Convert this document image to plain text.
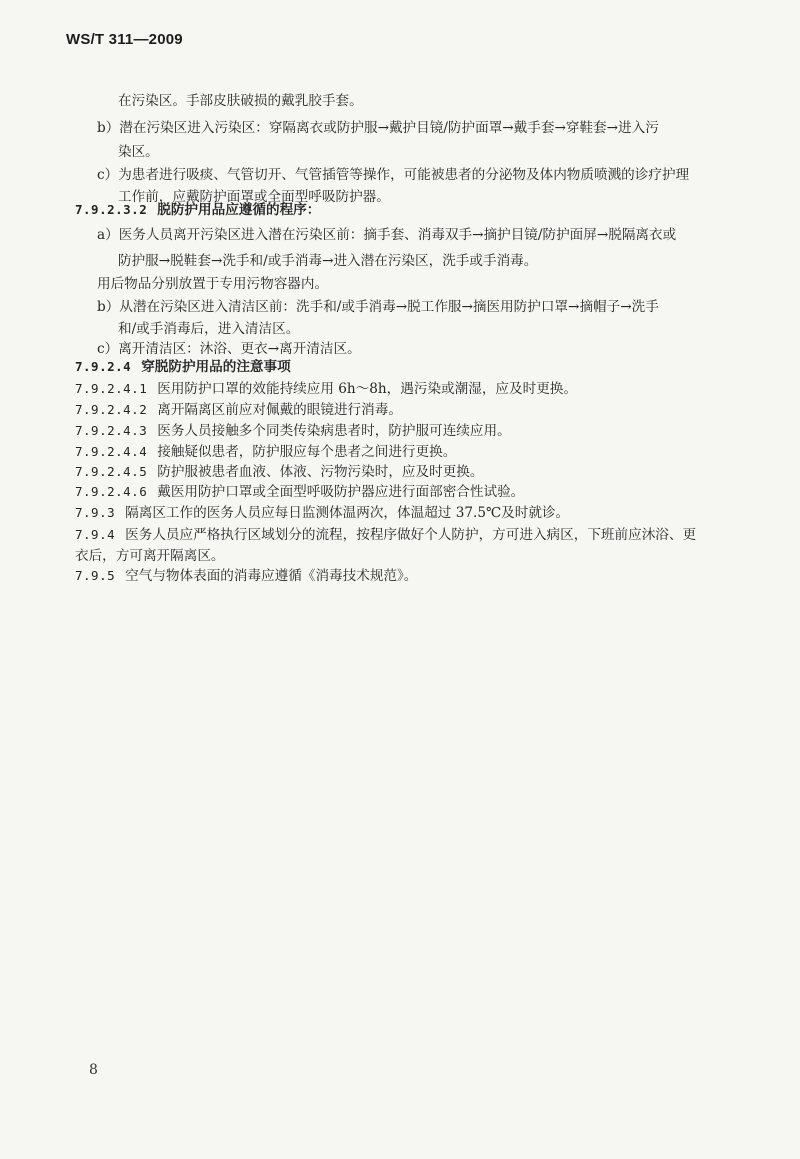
WS/T 311—2009
在污染区。手部皮肤破损的戴乳胶手套。
b）潜在污染区进入污染区：穿隔离衣或防护服→戴护目镜/防护面罩→戴手套→穿鞋套→进入污
染区。
c）为患者进行吸痰、气管切开、气管插管等操作，可能被患者的分泌物及体内物质喷溅的诊疗护理
工作前，应戴防护面罩或全面型呼吸防护器。
7.9.2.3.2 脱防护用品应遵循的程序：
a）医务人员离开污染区进入潜在污染区前：摘手套、消毒双手→摘护目镜/防护面屏→脱隔离衣或
防护服→脱鞋套→洗手和/或手消毒→进入潜在污染区，洗手或手消毒。
用后物品分别放置于专用污物容器内。
b）从潜在污染区进入清洁区前：洗手和/或手消毒→脱工作服→摘医用防护口罩→摘帽子→洗手
和/或手消毒后，进入清洁区。
c）离开清洁区：沐浴、更衣→离开清洁区。
7.9.2.4 穿脱防护用品的注意事项
7.9.2.4.1 医用防护口罩的效能持续应用 6h～8h，遇污染或潮湿，应及时更换。
7.9.2.4.2 离开隔离区前应对佩戴的眼镜进行消毒。
7.9.2.4.3 医务人员接触多个同类传染病患者时，防护服可连续应用。
7.9.2.4.4 接触疑似患者，防护服应每个患者之间进行更换。
7.9.2.4.5 防护服被患者血液、体液、污物污染时，应及时更换。
7.9.2.4.6 戴医用防护口罩或全面型呼吸防护器应进行面部密合性试验。
7.9.3 隔离区工作的医务人员应每日监测体温两次，体温超过 37.5℃及时就诊。
7.9.4 医务人员应严格执行区域划分的流程，按程序做好个人防护，方可进入病区，下班前应沐浴、更
衣后，方可离开隔离区。
7.9.5 空气与物体表面的消毒应遵循《消毒技术规范》。
8
